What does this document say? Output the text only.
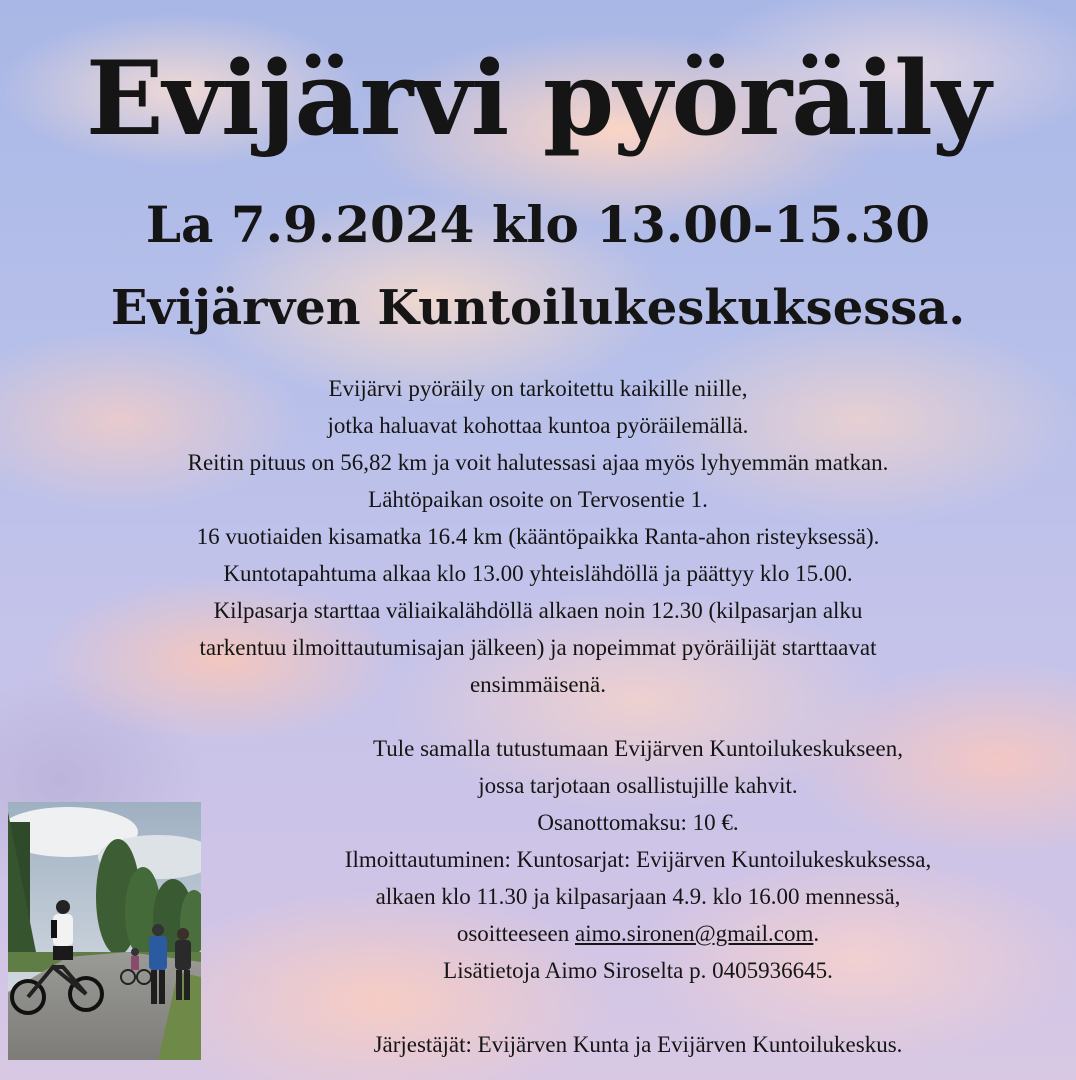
Evijärvi pyöräily
La 7.9.2024 klo 13.00-15.30
Evijärven Kuntoilukeskuksessa.
Evijärvi pyöräily on tarkoitettu kaikille niille,
jotka haluavat kohottaa kuntoa pyöräilemällä.
Reitin pituus on 56,82 km ja voit halutessasi ajaa myös lyhyemmän matkan.
Lähtöpaikan osoite on Tervosentie 1.
16 vuotiaiden kisamatka 16.4 km (kääntöpaikka Ranta-ahon risteyksessä).
Kuntotapahtuma alkaa klo 13.00 yhteislähdöllä ja päättyy klo 15.00.
Kilpasarja starttaa väliaikalähdöllä alkaen noin 12.30 (kilpasarjan alku
tarkentuu ilmoittautumisajan jälkeen) ja nopeimmat pyöräilijät starttaavat
ensimmäisenä.
Tule samalla tutustumaan Evijärven Kuntoilukeskukseen,
jossa tarjotaan osallistujille kahvit.
Osanottomaksu: 10 €.
Ilmoittautuminen: Kuntosarjat: Evijärven Kuntoilukeskuksessa,
alkaen klo 11.30 ja kilpasarjaan 4.9. klo 16.00 mennessä,
osoitteeseen aimo.sironen@gmail.com.
Lisätietoja Aimo Siroselta p. 0405936645.
Järjestäjät: Evijärven Kunta ja Evijärven Kuntoilukeskus.
